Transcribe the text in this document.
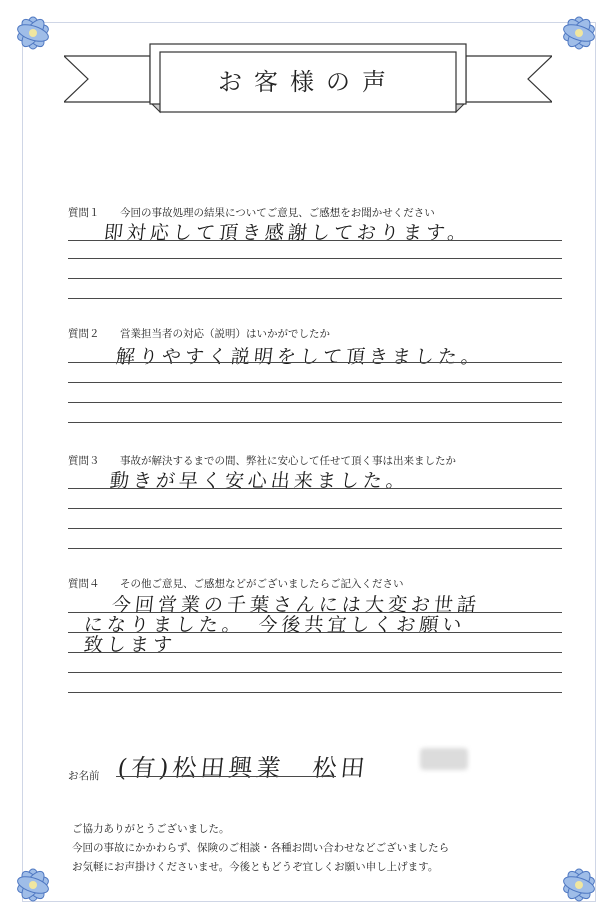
お客様の声
質問１ 今回の事故処理の結果についてご意見、ご感想をお聞かせください
即対応して頂き感謝しております。
質問２ 営業担当者の対応（説明）はいかがでしたか
解りやすく説明をして頂きました。
質問３ 事故が解決するまでの間、弊社に安心して任せて頂く事は出来ましたか
動きが早く安心出来ました。
質問４ その他ご意見、ご感想などがございましたらご記入ください
今回営業の千葉さんには大変お世話
になりました。　今後共宜しくお願い
致します
お名前 (有)松田興業　松田
ご協力ありがとうございました。
今回の事故にかかわらず、保険のご相談・各種お問い合わせなどございましたら
お気軽にお声掛けくださいませ。今後ともどうぞ宜しくお願い申し上げます。
